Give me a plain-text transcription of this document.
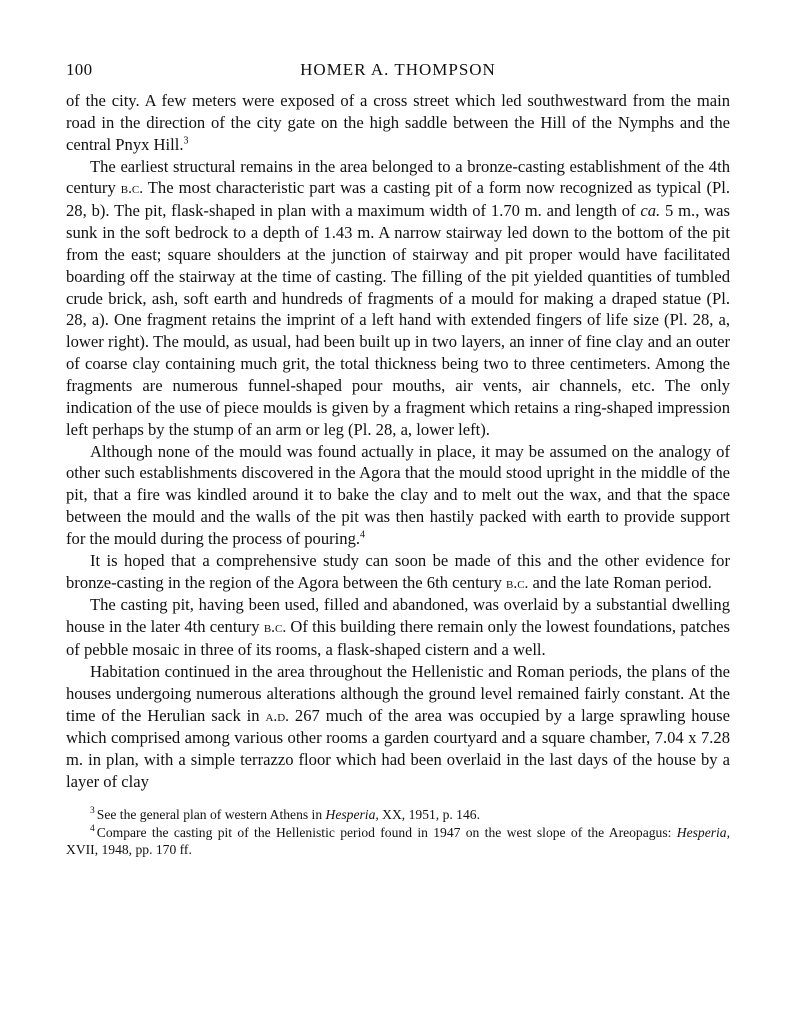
100	HOMER A. THOMPSON

of the city. A few meters were exposed of a cross street which led southwestward from the main road in the direction of the city gate on the high saddle between the Hill of the Nymphs and the central Pnyx Hill.$^3$

The earliest structural remains in the area belonged to a bronze-casting establishment of the 4th century b.c. The most characteristic part was a casting pit of a form now recognized as typical (Pl. 28, b). The pit, flask-shaped in plan with a maximum width of 1.70 m. and length of ca. 5 m., was sunk in the soft bedrock to a depth of 1.43 m. A narrow stairway led down to the bottom of the pit from the east; square shoulders at the junction of stairway and pit proper would have facilitated boarding off the stairway at the time of casting. The filling of the pit yielded quantities of tumbled crude brick, ash, soft earth and hundreds of fragments of a mould for making a draped statue (Pl. 28, a). One fragment retains the imprint of a left hand with extended fingers of life size (Pl. 28, a, lower right). The mould, as usual, had been built up in two layers, an inner of fine clay and an outer of coarse clay containing much grit, the total thickness being two to three centimeters. Among the fragments are numerous funnel-shaped pour mouths, air vents, air channels, etc. The only indication of the use of piece moulds is given by a fragment which retains a ring-shaped impression left perhaps by the stump of an arm or leg (Pl. 28, a, lower left).

Although none of the mould was found actually in place, it may be assumed on the analogy of other such establishments discovered in the Agora that the mould stood upright in the middle of the pit, that a fire was kindled around it to bake the clay and to melt out the wax, and that the space between the mould and the walls of the pit was then hastily packed with earth to provide support for the mould during the process of pouring.$^4$

It is hoped that a comprehensive study can soon be made of this and the other evidence for bronze-casting in the region of the Agora between the 6th century b.c. and the late Roman period.

The casting pit, having been used, filled and abandoned, was overlaid by a substantial dwelling house in the later 4th century b.c. Of this building there remain only the lowest foundations, patches of pebble mosaic in three of its rooms, a flask-shaped cistern and a well.

Habitation continued in the area throughout the Hellenistic and Roman periods, the plans of the houses undergoing numerous alterations although the ground level remained fairly constant. At the time of the Herulian sack in a.d. 267 much of the area was occupied by a large sprawling house which comprised among various other rooms a garden courtyard and a square chamber, 7.04 x 7.28 m. in plan, with a simple terrazzo floor which had been overlaid in the last days of the house by a layer of clay

$^3$ See the general plan of western Athens in Hesperia, XX, 1951, p. 146.

$^4$ Compare the casting pit of the Hellenistic period found in 1947 on the west slope of the Areopagus: Hesperia, XVII, 1948, pp. 170 ff.
